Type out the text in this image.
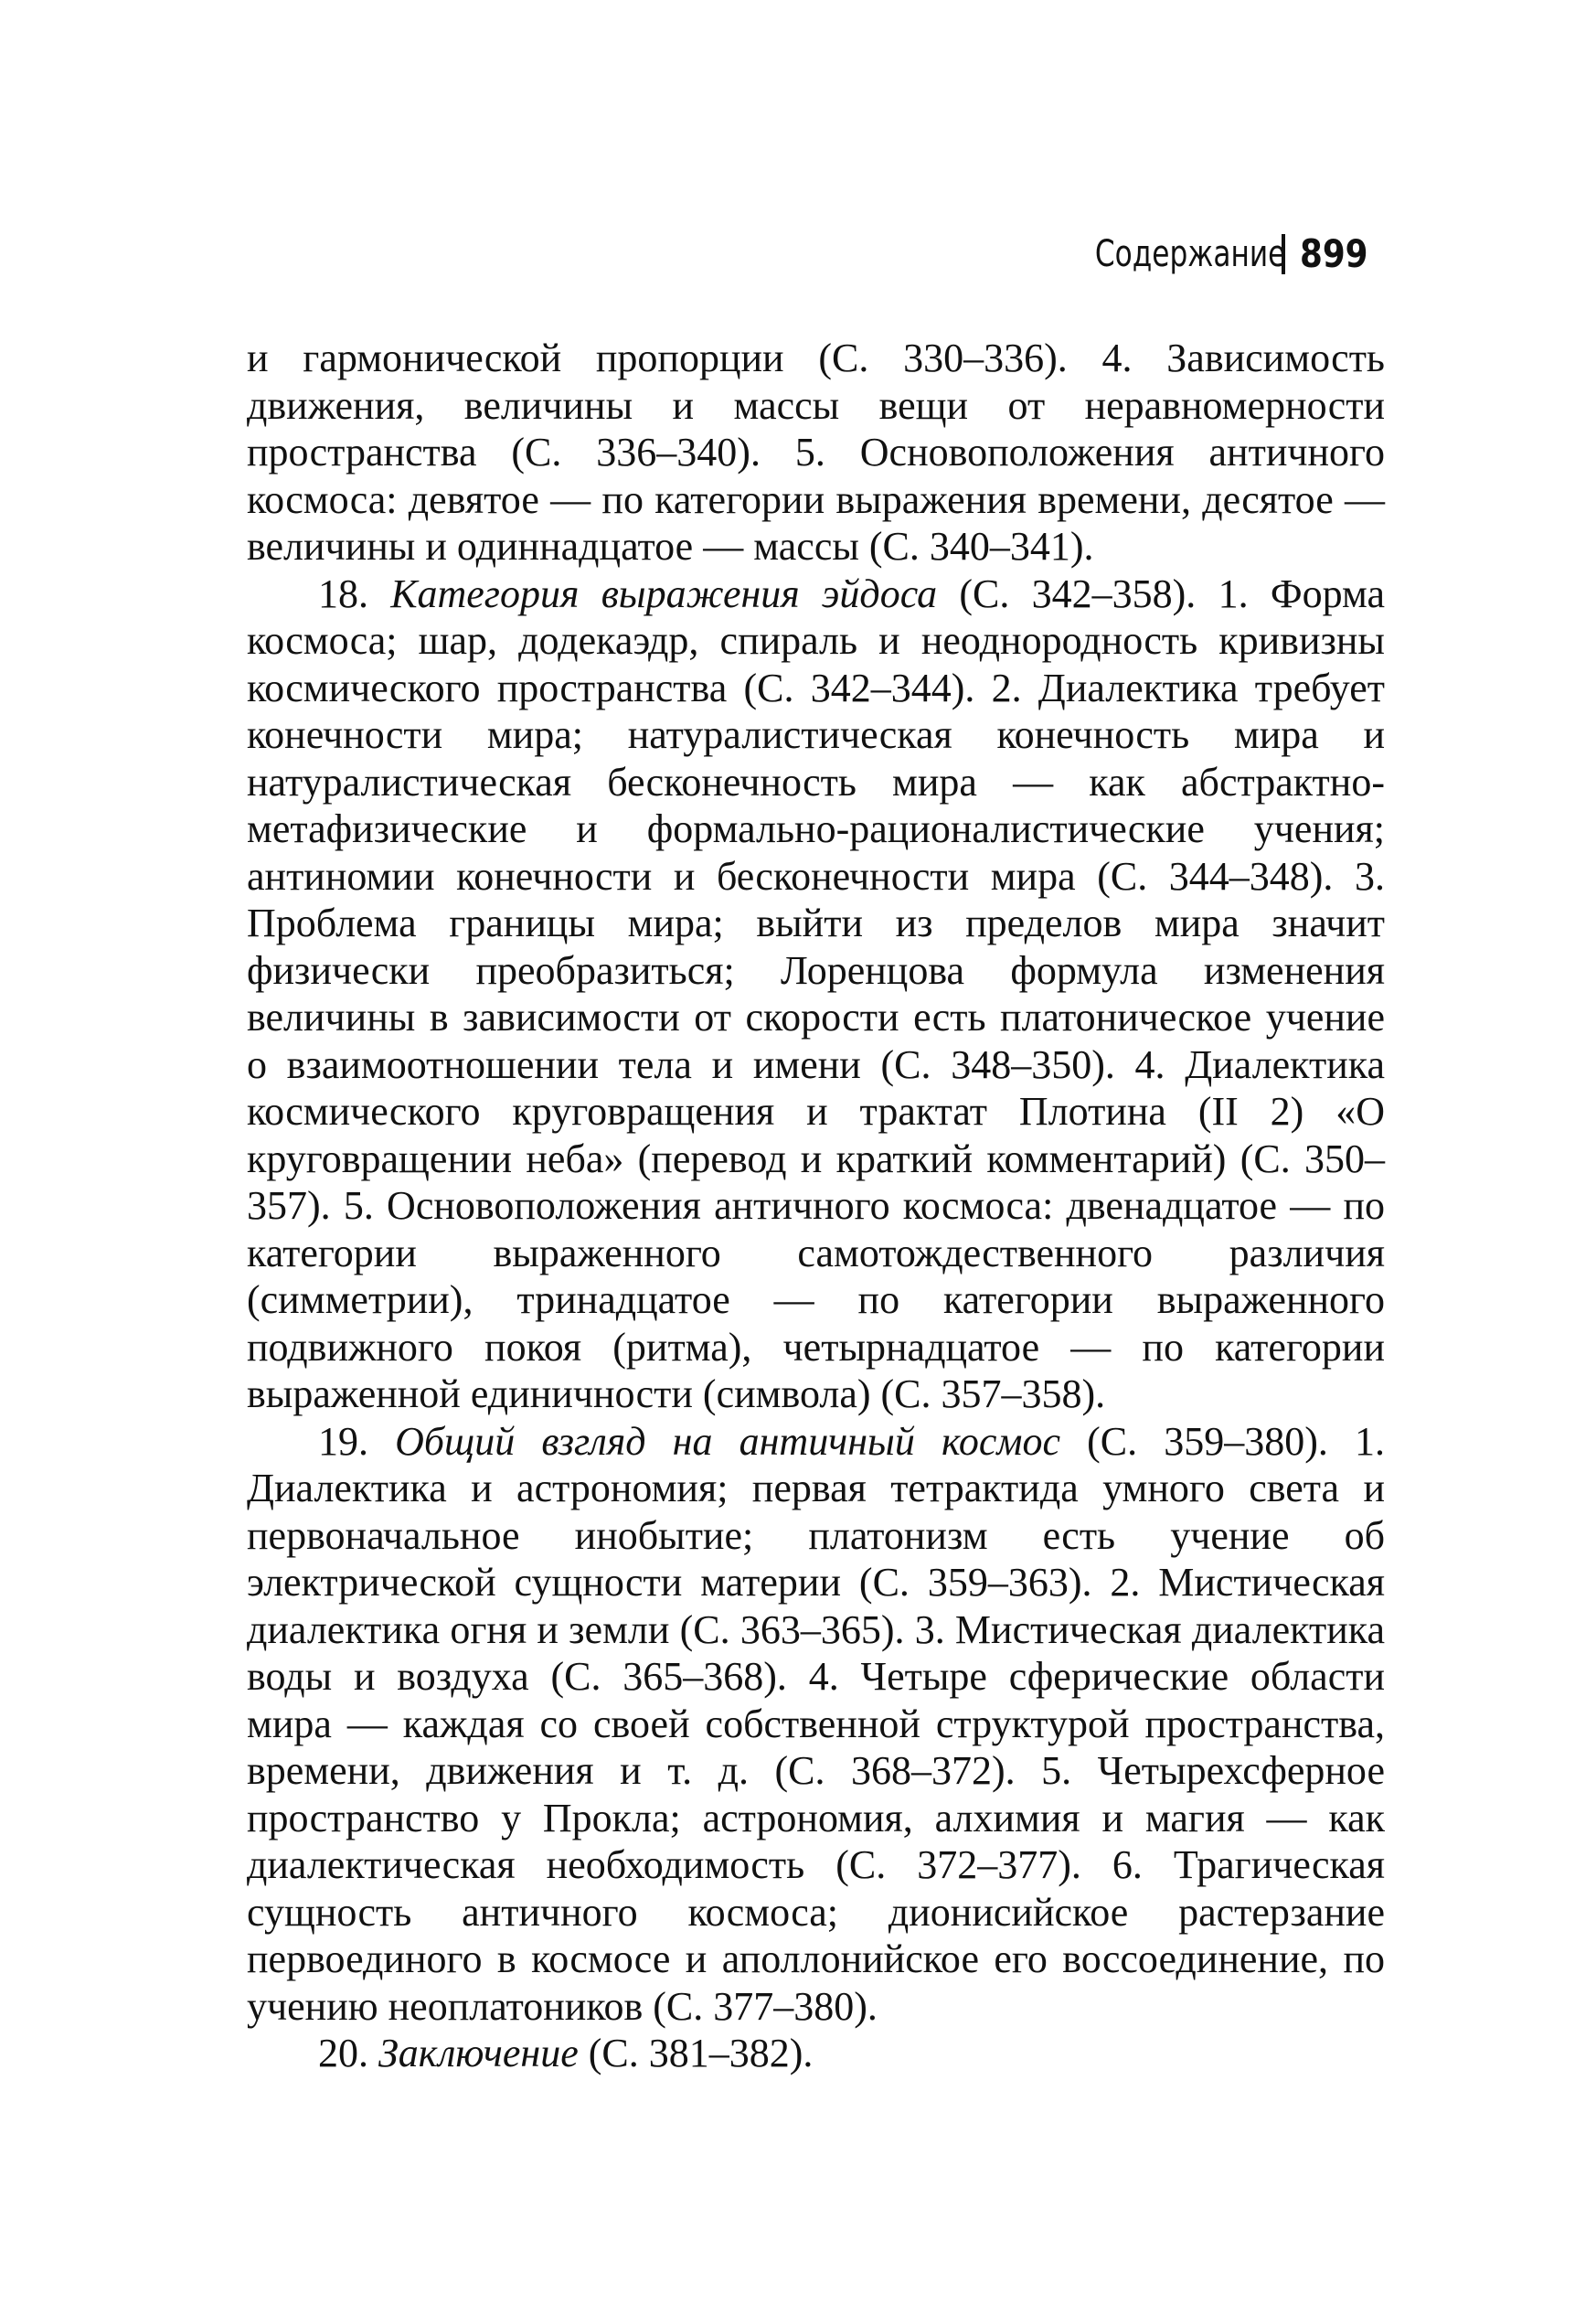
Содержание 899

и гармонической пропорции (С. 330–336). 4. Зависимость движения, величины и массы вещи от неравномерности пространства (С. 336–340). 5. Основоположения античного космоса: девятое — по категории выражения времени, десятое — величины и одиннадцатое — массы (С. 340–341).

18. Категория выражения эйдоса (С. 342–358). 1. Форма космоса; шар, додекаэдр, спираль и неоднородность кривизны космического пространства (С. 342–344). 2. Диалектика требует конечности мира; натуралистическая конечность мира и натуралистическая бесконечность мира — как абстрактно-метафизические и формально-рационалистические учения; антиномии конечности и бесконечности мира (С. 344–348). 3. Проблема границы мира; выйти из пределов мира значит физически преобразиться; Лоренцова формула изменения величины в зависимости от скорости есть платоническое учение о взаимоотношении тела и имени (С. 348–350). 4. Диалектика космического круговращения и трактат Плотина (II 2) «О круговращении неба» (перевод и краткий комментарий) (С. 350–357). 5. Основоположения античного космоса: двенадцатое — по категории выраженного самотождественного различия (симметрии), тринадцатое — по категории выраженного подвижного покоя (ритма), четырнадцатое — по категории выраженной единичности (символа) (С. 357–358).

19. Общий взгляд на античный космос (С. 359–380). 1. Диалектика и астрономия; первая тетрактида умного света и первоначальное инобытие; платонизм есть учение об электрической сущности материи (С. 359–363). 2. Мистическая диалектика огня и земли (С. 363–365). 3. Мистическая диалектика воды и воздуха (С. 365–368). 4. Четыре сферические области мира — каждая со своей собственной структурой пространства, времени, движения и т. д. (С. 368–372). 5. Четырехсферное пространство у Прокла; астрономия, алхимия и магия — как диалектическая необходимость (С. 372–377). 6. Трагическая сущность античного космоса; дионисийское растерзание первоединого в космосе и аполлонийское его воссоединение, по учению неоплатоников (С. 377–380).

20. Заключение (С. 381–382).
